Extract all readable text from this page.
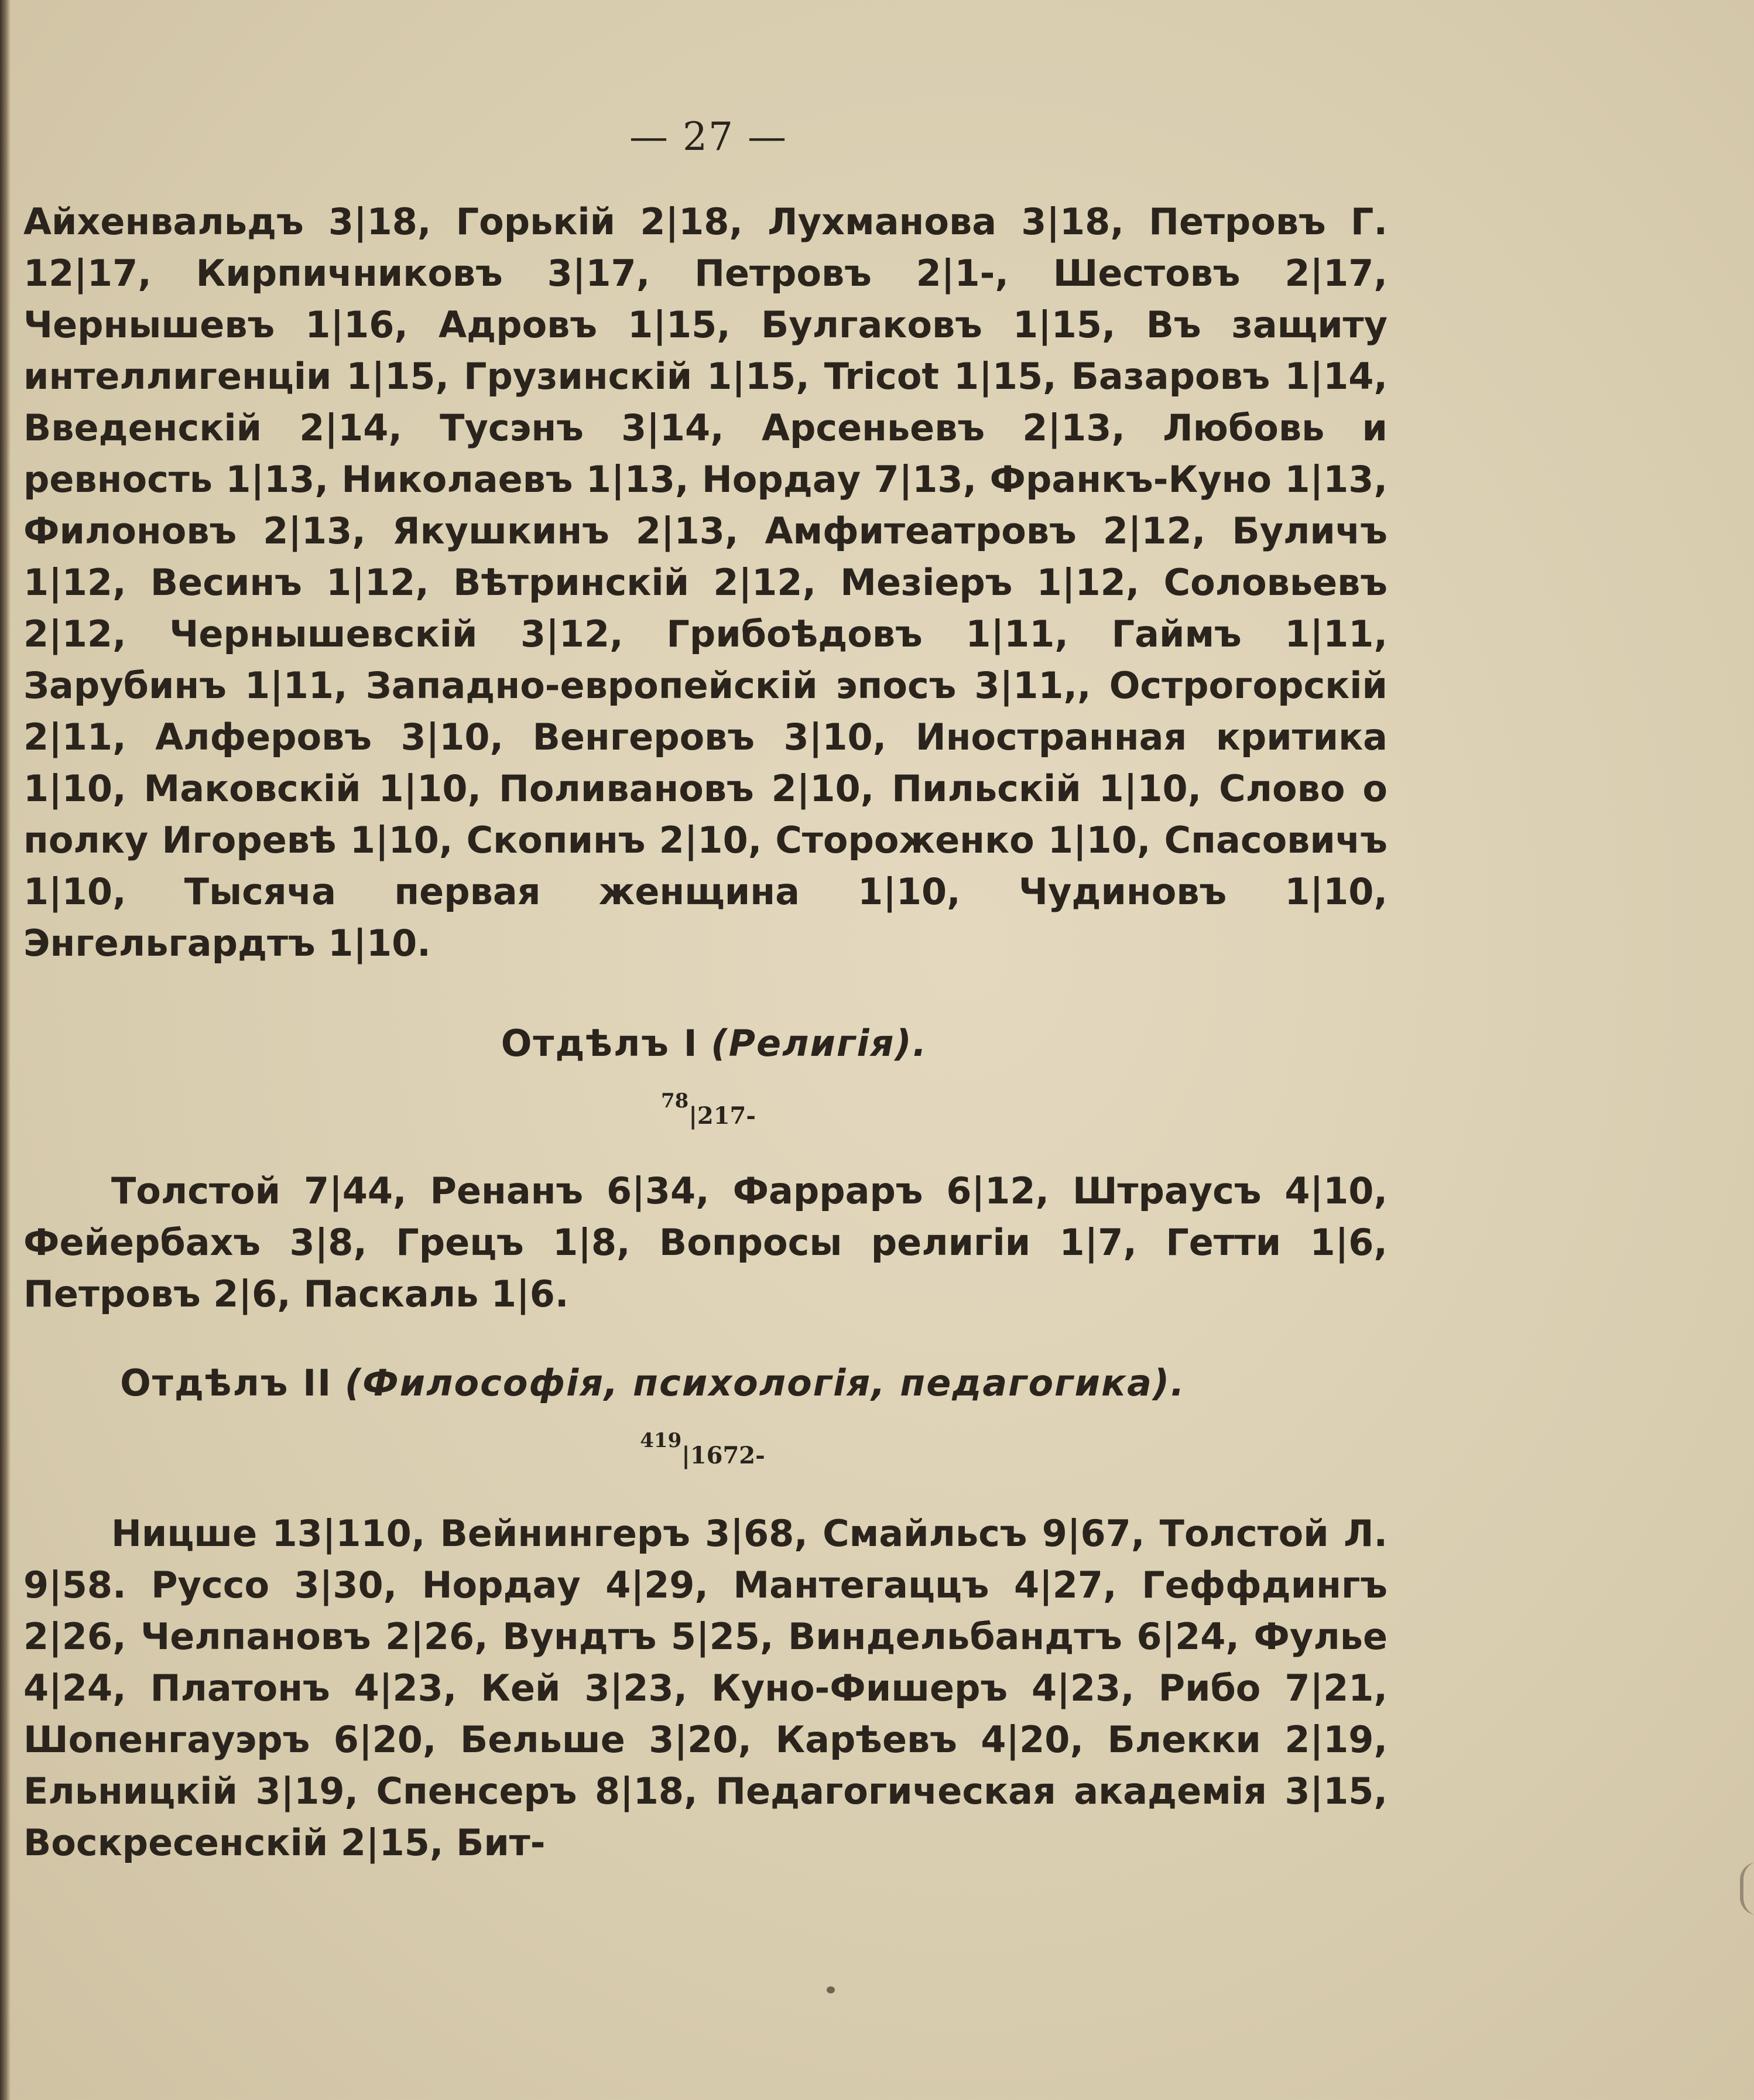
— 27 —
Айхенвальдъ 3|18, Горькій 2|18, Лухманова 3|18, Петровъ Г. 12|17, Кирпичниковъ 3|17, Петровъ 2|1-, Шестовъ 2|17, Чернышевъ 1|16, Адровъ 1|15, Булгаковъ 1|15, Въ защиту интеллигенціи 1|15, Грузинскій 1|15, Tricot 1|15, Базаровъ 1|14, Введенскій 2|14, Тусэнъ 3|14, Арсеньевъ 2|13, Любовь и ревность 1|13, Николаевъ 1|13, Нордау 7|13, Франкъ-Куно 1|13, Филоновъ 2|13, Якушкинъ 2|13, Амфитеатровъ 2|12, Буличъ 1|12, Весинъ 1|12, Вѣтринскій 2|12, Мезіеръ 1|12, Соловьевъ 2|12, Чернышевскій 3|12, Грибоѣдовъ 1|11, Гаймъ 1|11, Зарубинъ 1|11, Западно-европейскій эпосъ 3|11,, Острогорскій 2|11, Алферовъ 3|10, Венгеровъ 3|10, Иностранная критика 1|10, Маковскій 1|10, Поливановъ 2|10, Пильскій 1|10, Слово о полку Игоревѣ 1|10, Скопинъ 2|10, Стороженко 1|10, Спасовичъ 1|10, Тысяча первая женщина 1|10, Чудиновъ 1|10, Энгельгардтъ 1|10.
Отдѣлъ I (Религія).
$^{78}$|217-
Толстой 7|44, Ренанъ 6|34, Фарраръ 6|12, Штраусъ 4|10, Фейербахъ 3|8, Грецъ 1|8, Вопросы религіи 1|7, Гетти 1|6, Петровъ 2|6, Паскаль 1|6.
Отдѣлъ II (Философія, психологія, педагогика).
$^{419}$|1672-
Ницше 13|110, Вейнингеръ 3|68, Смайльсъ 9|67, Толстой Л. 9|58. Руссо 3|30, Нордау 4|29, Мантегаццъ 4|27, Геффдингъ 2|26, Челпановъ 2|26, Вундтъ 5|25, Виндельбандтъ 6|24, Фулье 4|24, Платонъ 4|23, Кей 3|23, Куно-Фишеръ 4|23, Рибо 7|21, Шопенгауэръ 6|20, Бельше 3|20, Карѣевъ 4|20, Блекки 2|19, Ельницкій 3|19, Спенсеръ 8|18, Педагогическая академія 3|15, Воскресенскій 2|15, Бит-
